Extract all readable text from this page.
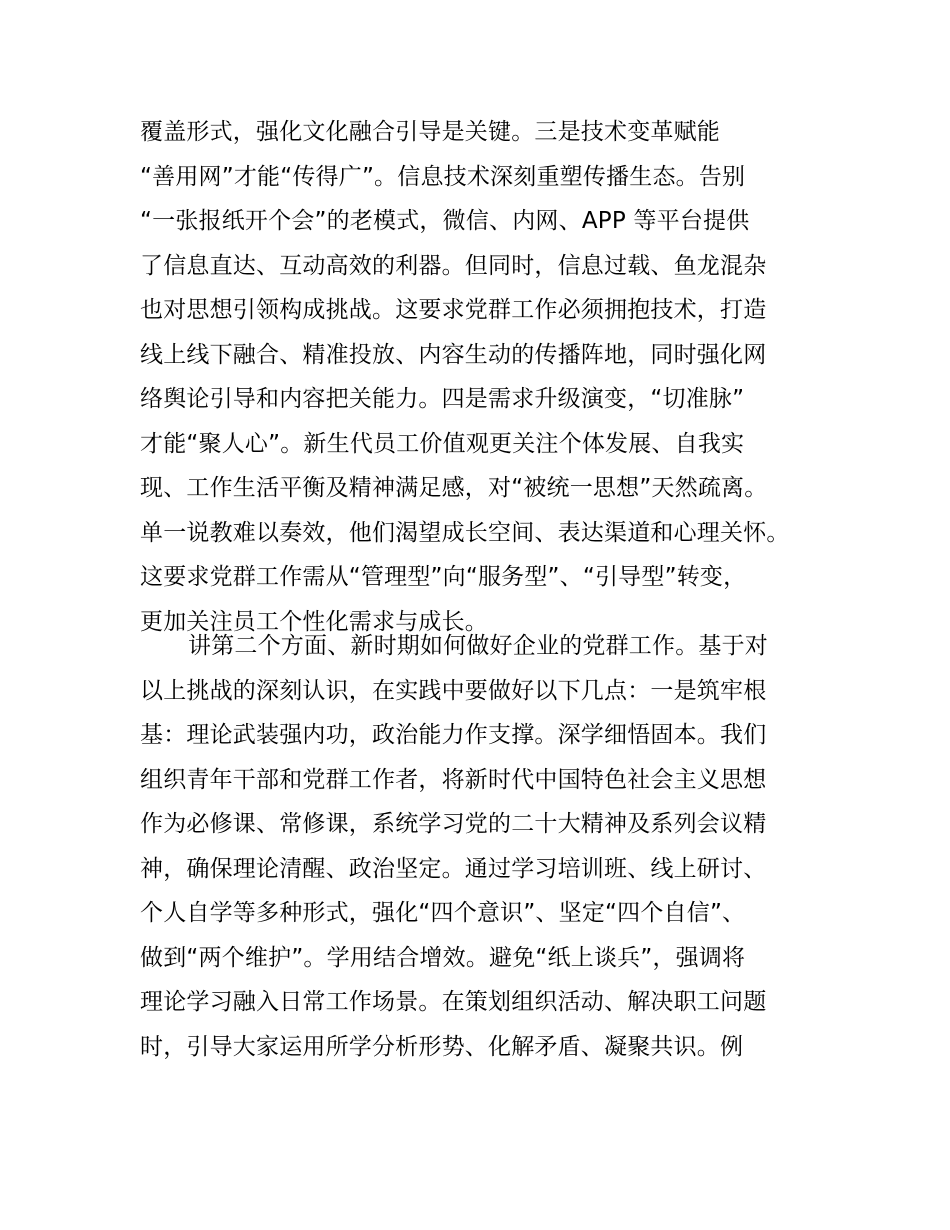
覆盖形式，强化文化融合引导是关键。三是技术变革赋能
“善用网”才能“传得广”。信息技术深刻重塑传播生态。告别
“一张报纸开个会”的老模式，微信、内网、APP 等平台提供
了信息直达、互动高效的利器。但同时，信息过载、鱼龙混杂
也对思想引领构成挑战。这要求党群工作必须拥抱技术，打造
线上线下融合、精准投放、内容生动的传播阵地，同时强化网
络舆论引导和内容把关能力。四是需求升级演变，“切准脉”
才能“聚人心”。新生代员工价值观更关注个体发展、自我实
现、工作生活平衡及精神满足感，对“被统一思想”天然疏离。
单一说教难以奏效，他们渴望成长空间、表达渠道和心理关怀。
这要求党群工作需从“管理型”向“服务型”、“引导型”转变，
更加关注员工个性化需求与成长。
讲第二个方面、新时期如何做好企业的党群工作。基于对
以上挑战的深刻认识，在实践中要做好以下几点：一是筑牢根
基：理论武装强内功，政治能力作支撑。深学细悟固本。我们
组织青年干部和党群工作者，将新时代中国特色社会主义思想
作为必修课、常修课，系统学习党的二十大精神及系列会议精
神，确保理论清醒、政治坚定。通过学习培训班、线上研讨、
个人自学等多种形式，强化“四个意识”、坚定“四个自信”、
做到“两个维护”。学用结合增效。避免“纸上谈兵”，强调将
理论学习融入日常工作场景。在策划组织活动、解决职工问题
时，引导大家运用所学分析形势、化解矛盾、凝聚共识。例
